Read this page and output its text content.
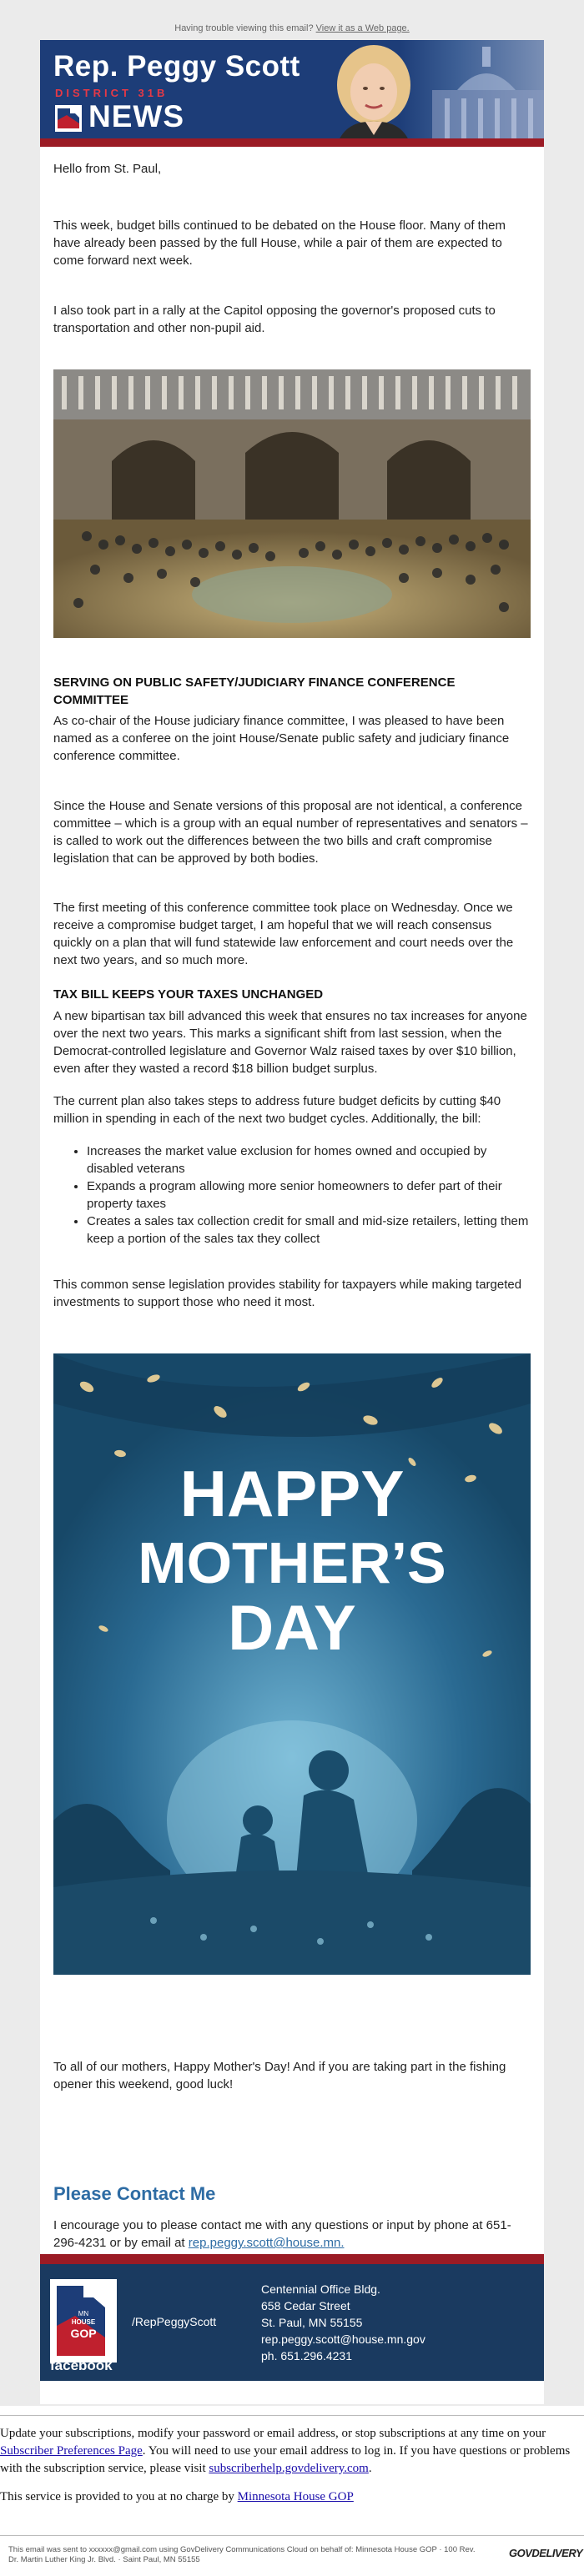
Having trouble viewing this email? View it as a Web page.
Rep. Peggy Scott
DISTRICT 31B
NEWS

Hello from St. Paul,

This week, budget bills continued to be debated on the House floor. Many of them have already been passed by the full House, while a pair of them are expected to come forward next week.

I also took part in a rally at the Capitol opposing the governor's proposed cuts to transportation and other non-pupil aid.

SERVING ON PUBLIC SAFETY/JUDICIARY FINANCE CONFERENCE COMMITTEE

As co-chair of the House judiciary finance committee, I was pleased to have been named as a conferee on the joint House/Senate public safety and judiciary finance conference committee.

Since the House and Senate versions of this proposal are not identical, a conference committee – which is a group with an equal number of representatives and senators – is called to work out the differences between the two bills and craft compromise legislation that can be approved by both bodies.

The first meeting of this conference committee took place on Wednesday. Once we receive a compromise budget target, I am hopeful that we will reach consensus quickly on a plan that will fund statewide law enforcement and court needs over the next two years, and so much more.

TAX BILL KEEPS YOUR TAXES UNCHANGED

A new bipartisan tax bill advanced this week that ensures no tax increases for anyone over the next two years. This marks a significant shift from last session, when the Democrat-controlled legislature and Governor Walz raised taxes by over $10 billion, even after they wasted a record $18 billion budget surplus.

The current plan also takes steps to address future budget deficits by cutting $40 million in spending in each of the next two budget cycles. Additionally, the bill:

• Increases the market value exclusion for homes owned and occupied by disabled veterans
• Expands a program allowing more senior homeowners to defer part of their property taxes
• Creates a sales tax collection credit for small and mid-size retailers, letting them keep a portion of the sales tax they collect

This common sense legislation provides stability for taxpayers while making targeted investments to support those who need it most.

HAPPY
MOTHER’S
DAY

To all of our mothers, Happy Mother's Day! And if you are taking part in the fishing opener this weekend, good luck!

Please Contact Me

I encourage you to please contact me with any questions or input by phone at 651-296-4231 or by email at rep.peggy.scott@house.mn.

MN
HOUSE
GOP
facebook
/RepPeggyScott
Centennial Office Bldg.
658 Cedar Street
St. Paul, MN 55155
rep.peggy.scott@house.mn.gov
ph. 651.296.4231
Update your subscriptions, modify your password or email address, or stop subscriptions at any time on your Subscriber Preferences Page. You will need to use your email address to log in. If you have questions or problems with the subscription service, please visit subscriberhelp.govdelivery.com.
This service is provided to you at no charge by Minnesota House GOP
This email was sent to xxxxxx@gmail.com using GovDelivery Communications Cloud on behalf of: Minnesota House GOP · 100 Rev. Dr. Martin Luther King Jr. Blvd. · Saint Paul, MN 55155
GOVDELIVERY
